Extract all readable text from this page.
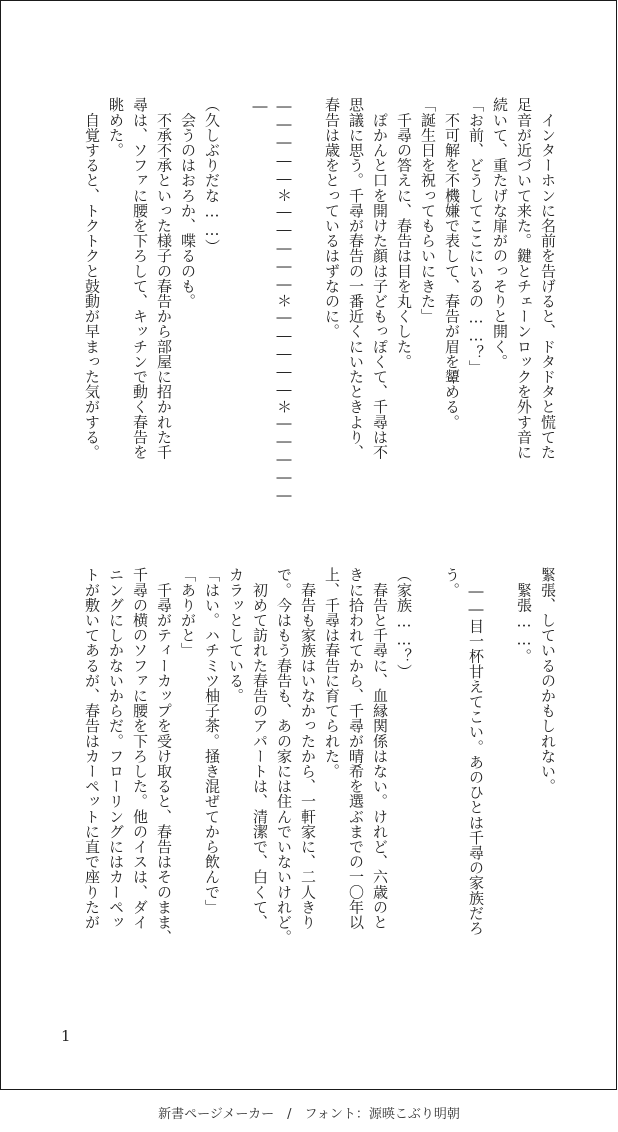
　インターホンに名前を告げると、ドタドタと慌てた
足音が近づいて来た。鍵とチェーンロックを外す音に
続いて、重たげな扉がのっそりと開く。
「お前、どうしてここにいるの……？」
　不可解を不機嫌で表して、春告が眉を顰める。
「誕生日を祝ってもらいにきた」
　千尋の答えに、春告は目を丸くした。
　ぽかんと口を開けた顔は子どもっぽくて、千尋は不
思議に思う。千尋が春告の一番近くにいたときより、
春告は歳をとっているはずなのに。

―――――＊―――――＊―――――＊―――――
―

（久しぶりだな……）
　会うのはおろか、喋るのも。
　不承不承といった様子の春告から部屋に招かれた千
尋は、ソファに腰を下ろして、キッチンで動く春告を
眺めた。
　自覚すると、トクトクと鼓動が早まった気がする。
緊張、しているのかもしれない。
　緊張……。

　――目一杯甘えてこい。あのひとは千尋の家族だろ
う。

（家族……？）
　春告と千尋に、血縁関係はない。けれど、六歳のと
きに拾われてから、千尋が晴希を選ぶまでの一〇年以
上、千尋は春告に育てられた。
　春告も家族はいなかったから、一軒家に、二人きり
で。今はもう春告も、あの家には住んでいないけれど。
　初めて訪れた春告のアパートは、清潔で、白くて、
カラッとしている。
「はい。ハチミツ柚子茶。掻き混ぜてから飲んで」
「ありがと」
　千尋がティーカップを受け取ると、春告はそのまま、
千尋の横のソファに腰を下ろした。他のイスは、ダイ
ニングにしかないからだ。フローリングにはカーペッ
トが敷いてあるが、春告はカーペットに直で座りたが
1
新書ページメーカー　/　フォント：源暎こぶり明朝
